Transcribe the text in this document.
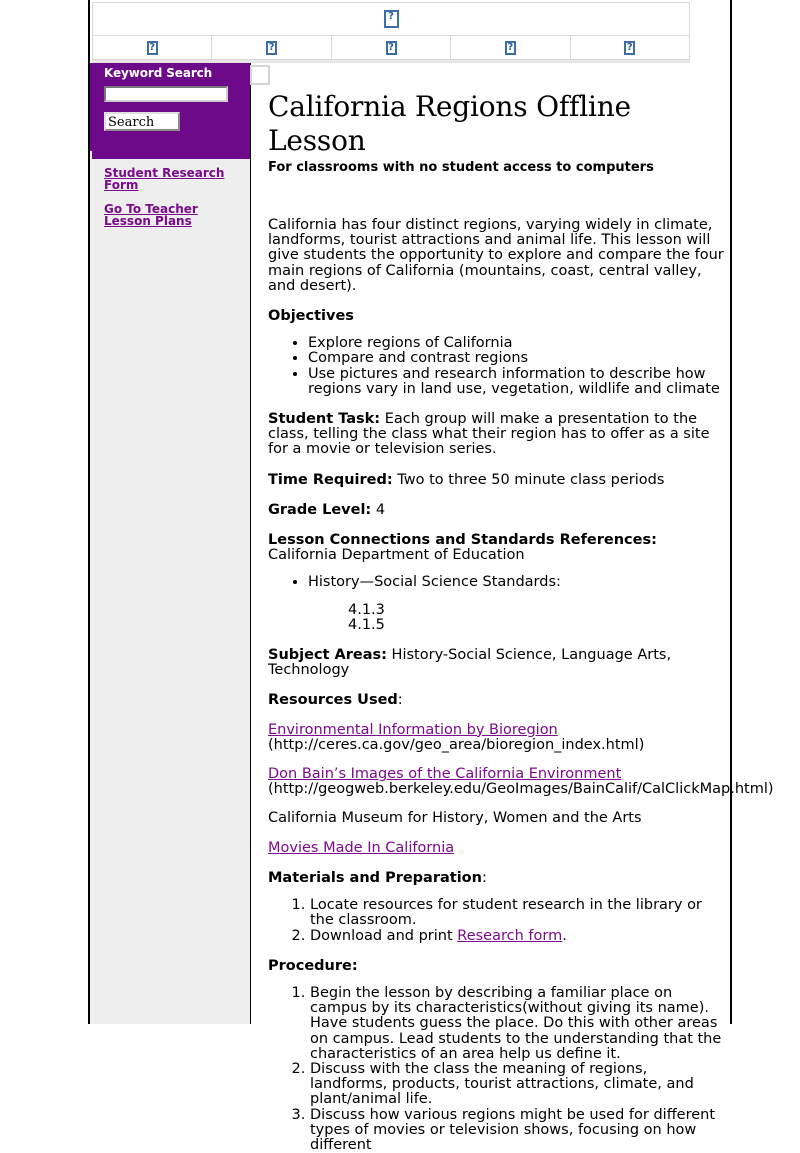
?
?
?
?
?
?
Keyword Search
Search
Student Research Form
Go To Teacher Lesson Plans
California Regions Offline Lesson
For classrooms with no student access to computers

California has four distinct regions, varying widely in climate, landforms, tourist attractions and animal life. This lesson will give students the opportunity to explore and compare the four main regions of California (mountains, coast, central valley, and desert).

Objectives

• Explore regions of California
• Compare and contrast regions
• Use pictures and research information to describe how regions vary in land use, vegetation, wildlife and climate

Student Task: Each group will make a presentation to the class, telling the class what their region has to offer as a site for a movie or television series.

Time Required: Two to three 50 minute class periods

Grade Level: 4

Lesson Connections and Standards References:
California Department of Education

• History—Social Science Standards:
4.1.3
4.1.5

Subject Areas: History-Social Science, Language Arts, Technology

Resources Used:

Environmental Information by Bioregion
(http://ceres.ca.gov/geo_area/bioregion_index.html)

Don Bain’s Images of the California Environment
(http://geogweb.berkeley.edu/GeoImages/BainCalif/CalClickMap.html)

California Museum for History, Women and the Arts

Movies Made In California

Materials and Preparation:

1. Locate resources for student research in the library or the classroom.
2. Download and print Research form.

Procedure:

1. Begin the lesson by describing a familiar place on campus by its characteristics(without giving its name). Have students guess the place. Do this with other areas on campus. Lead students to the understanding that the characteristics of an area help us define it.
2. Discuss with the class the meaning of regions, landforms, products, tourist attractions, climate, and plant/animal life.
3. Discuss how various regions might be used for different types of movies or television shows, focusing on how different
